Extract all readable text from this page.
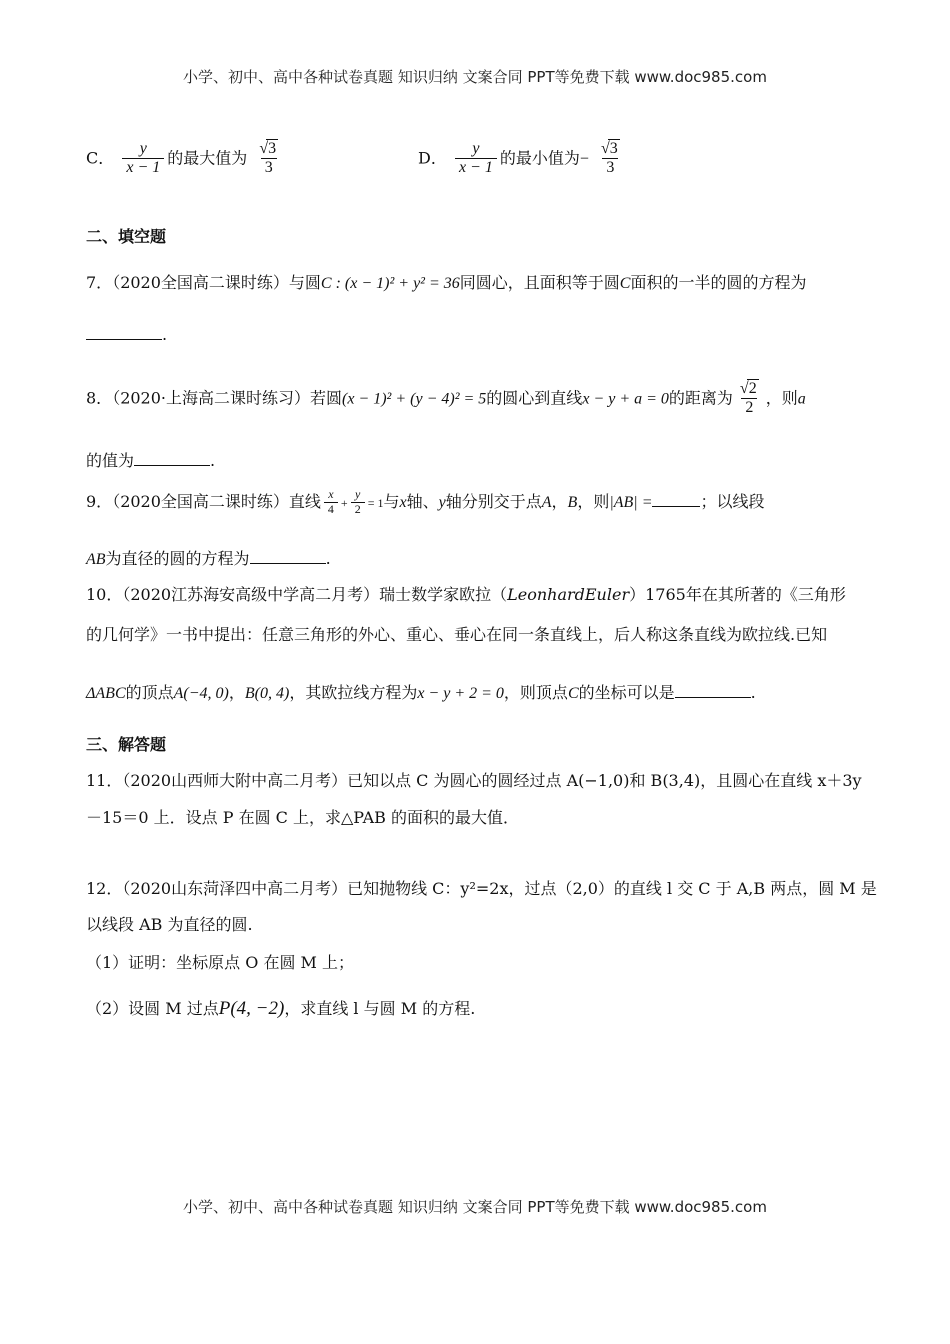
小学、初中、高中各种试卷真题 知识归纳 文案合同 PPT等免费下载 www.doc985.com
C． $\frac{y}{x - 1}$ 的最大值为 $\frac{√3}{3}$	D． $\frac{y}{x - 1}$ 的最小值为− $\frac{√3}{3}$
二、填空题
7．（2020全国高二课时练）与圆C : (x − 1)² + y² = 36同圆心，且面积等于圆C面积的一半的圆的方程为
.
8．（2020·上海高二课时练习）若圆(x − 1)² + (y − 4)² = 5的圆心到直线x − y + a = 0的距离为 $\frac{√2}{2}$ ，则a
的值为	.
9．（2020全国高二课时练）直线 $\frac{x}{4} + \frac{y}{2} = 1$与x轴、y轴分别交于点A，B，则|AB| =	；以线段
AB为直径的圆的方程为	.
10．（2020江苏海安高级中学高二月考）瑞士数学家欧拉（LeonhardEuler）1765年在其所著的《三角形
的几何学》一书中提出：任意三角形的外心、重心、垂心在同一条直线上，后人称这条直线为欧拉线.已知
ΔABC的顶点A(−4, 0)，B(0, 4)，其欧拉线方程为x − y + 2 = 0，则顶点C的坐标可以是	.
三、解答题
11．（2020山西师大附中高二月考）已知以点 C 为圆心的圆经过点 A(−1,0)和 B(3,4)，且圆心在直线 x＋3y
－15＝0 上．设点 P 在圆 C 上，求△PAB 的面积的最大值．
12．（2020山东菏泽四中高二月考）已知抛物线 C：y²=2x，过点（2,0）的直线 l 交 C 于 A,B 两点，圆 M 是
以线段 AB 为直径的圆.
（1）证明：坐标原点 O 在圆 M 上；
（2）设圆 M 过点P(4, −2)，求直线 l 与圆 M 的方程.
小学、初中、高中各种试卷真题 知识归纳 文案合同 PPT等免费下载 www.doc985.com
